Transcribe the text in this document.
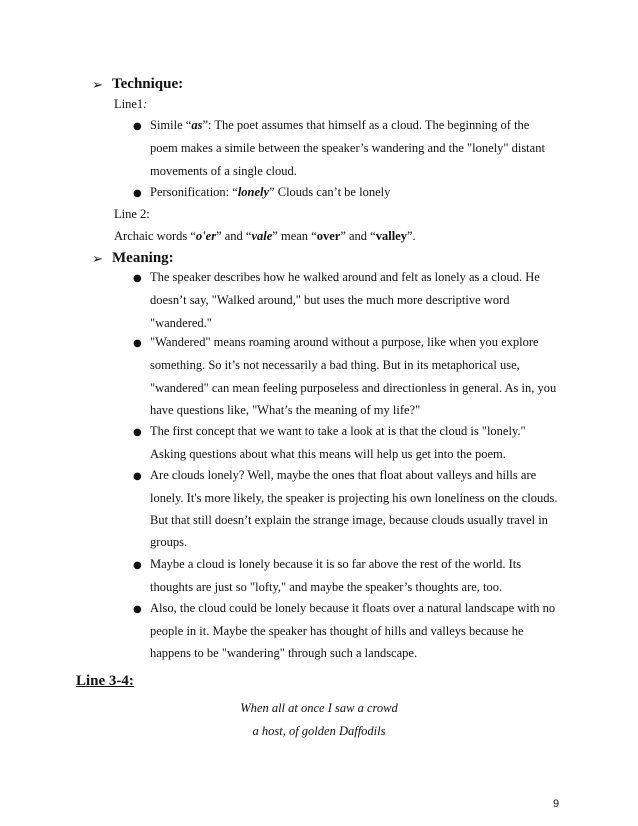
➢ Technique:
Line1:
● Simile “as”: The poet assumes that himself as a cloud. The beginning of the
poem makes a simile between the speaker’s wandering and the "lonely" distant
movements of a single cloud.
● Personification: “lonely” Clouds can’t be lonely
Line 2:
Archaic words “o'er” and “vale” mean “over” and “valley”.
➢ Meaning:
● The speaker describes how he walked around and felt as lonely as a cloud. He
doesn’t say, "Walked around," but uses the much more descriptive word
"wandered."
● "Wandered" means roaming around without a purpose, like when you explore
something. So it’s not necessarily a bad thing. But in its metaphorical use,
"wandered" can mean feeling purposeless and directionless in general. As in, you
have questions like, "What’s the meaning of my life?"
● The first concept that we want to take a look at is that the cloud is "lonely."
Asking questions about what this means will help us get into the poem.
● Are clouds lonely? Well, maybe the ones that float about valleys and hills are
lonely. It's more likely, the speaker is projecting his own loneliness on the clouds.
But that still doesn’t explain the strange image, because clouds usually travel in
groups.
● Maybe a cloud is lonely because it is so far above the rest of the world. Its
thoughts are just so "lofty," and maybe the speaker’s thoughts are, too.
● Also, the cloud could be lonely because it floats over a natural landscape with no
people in it. Maybe the speaker has thought of hills and valleys because he
happens to be "wandering" through such a landscape.
Line 3-4:
When all at once I saw a crowd
a host, of golden Daffodils
9
